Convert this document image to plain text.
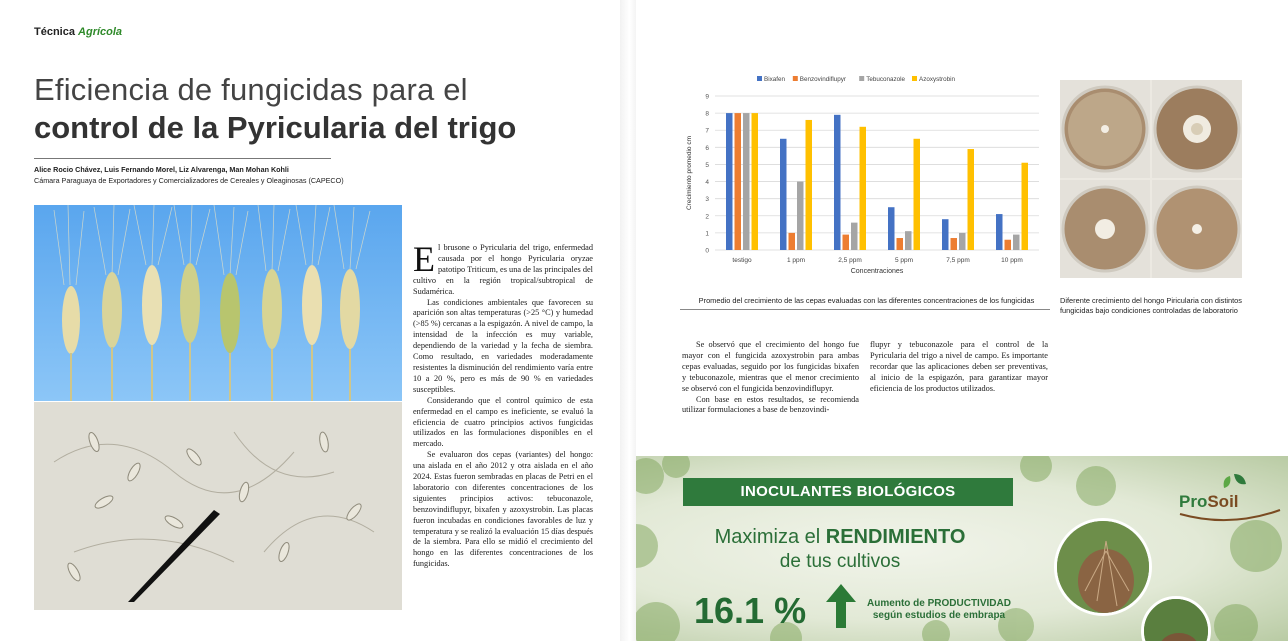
Técnica Agrícola
Eficiencia de fungicidas para el
control de la Pyricularia del trigo
Alice Rocio Chávez, Luis Fernando Morel, Liz Alvarenga, Man Mohan Kohli
Cámara Paraguaya de Exportadores y Comercializadores de Cereales y Oleaginosas (CAPECO)

El brusone o Pyricularia del trigo, enfermedad causada por el hongo Pyricularia oryzae patotipo Triticum, es una de las principales del cultivo en la región tropical/subtropical de Sudamérica.

Las condiciones ambientales que favorecen su aparición son altas temperaturas (>25 °C) y humedad (>85 %) cercanas a la espigazón. A nivel de campo, la intensidad de la infección es muy variable, dependiendo de la variedad y la fecha de siembra. Como resultado, en variedades moderadamente resistentes la disminución del rendimiento varía entre 10 a 20 %, pero es más de 90 % en variedades susceptibles.

Considerando que el control químico de esta enfermedad en el campo es ineficiente, se evaluó la eficiencia de cuatro principios activos fungicidas utilizados en las formulaciones disponibles en el mercado.

Se evaluaron dos cepas (variantes) del hongo: una aislada en el año 2012 y otra aislada en el año 2024. Estas fueron sembradas en placas de Petri en el laboratorio con diferentes concentraciones de los siguientes principios activos: tebuconazole, benzovindiflupyr, bixafen y azoxystrobin. Las placas fueron incubadas en condiciones favorables de luz y temperatura y se realizó la evaluación 15 días después de la siembra. Para ello se midió el crecimiento del hongo en las diferentes concentraciones de los fungicidas.

0
1
2
3
4
5
6
7
8
9
testigo	1 ppm	2,5 ppm	5 ppm	7,5 ppm	10 ppm
Concentraciones
Crecimiento promedio cm
Bixafen Benzovindiflupyr	Tebuconazole Azoxystrobin
Promedio del crecimiento de las cepas evaluadas con las diferentes concentraciones de los fungicidas

Se observó que el crecimiento del hongo fue mayor con el fungicida azoxystrobin para ambas cepas evaluadas, seguido por los fungicidas bixafen y tebuconazole, mientras que el menor crecimiento se observó con el fungicida benzovindiflupyr.

Con base en estos resultados, se recomienda utilizar formulaciones a base de benzovindi-

flupyr y tebuconazole para el control de la Pyricularia del trigo a nivel de campo. Es importante recordar que las aplicaciones deben ser preventivas, al inicio de la espigazón, para garantizar mayor eficiencia de los productos utilizados.

Diferente crecimiento del hongo Piricularia con distintos fungicidas bajo condiciones controladas de laboratorio
INOCULANTES BIOLÓGICOS
Maximiza el RENDIMIENTO
de tus cultivos
16.1 %	Aumento de PRODUCTIVIDAD
según estudios de embrapa
ProSoil
